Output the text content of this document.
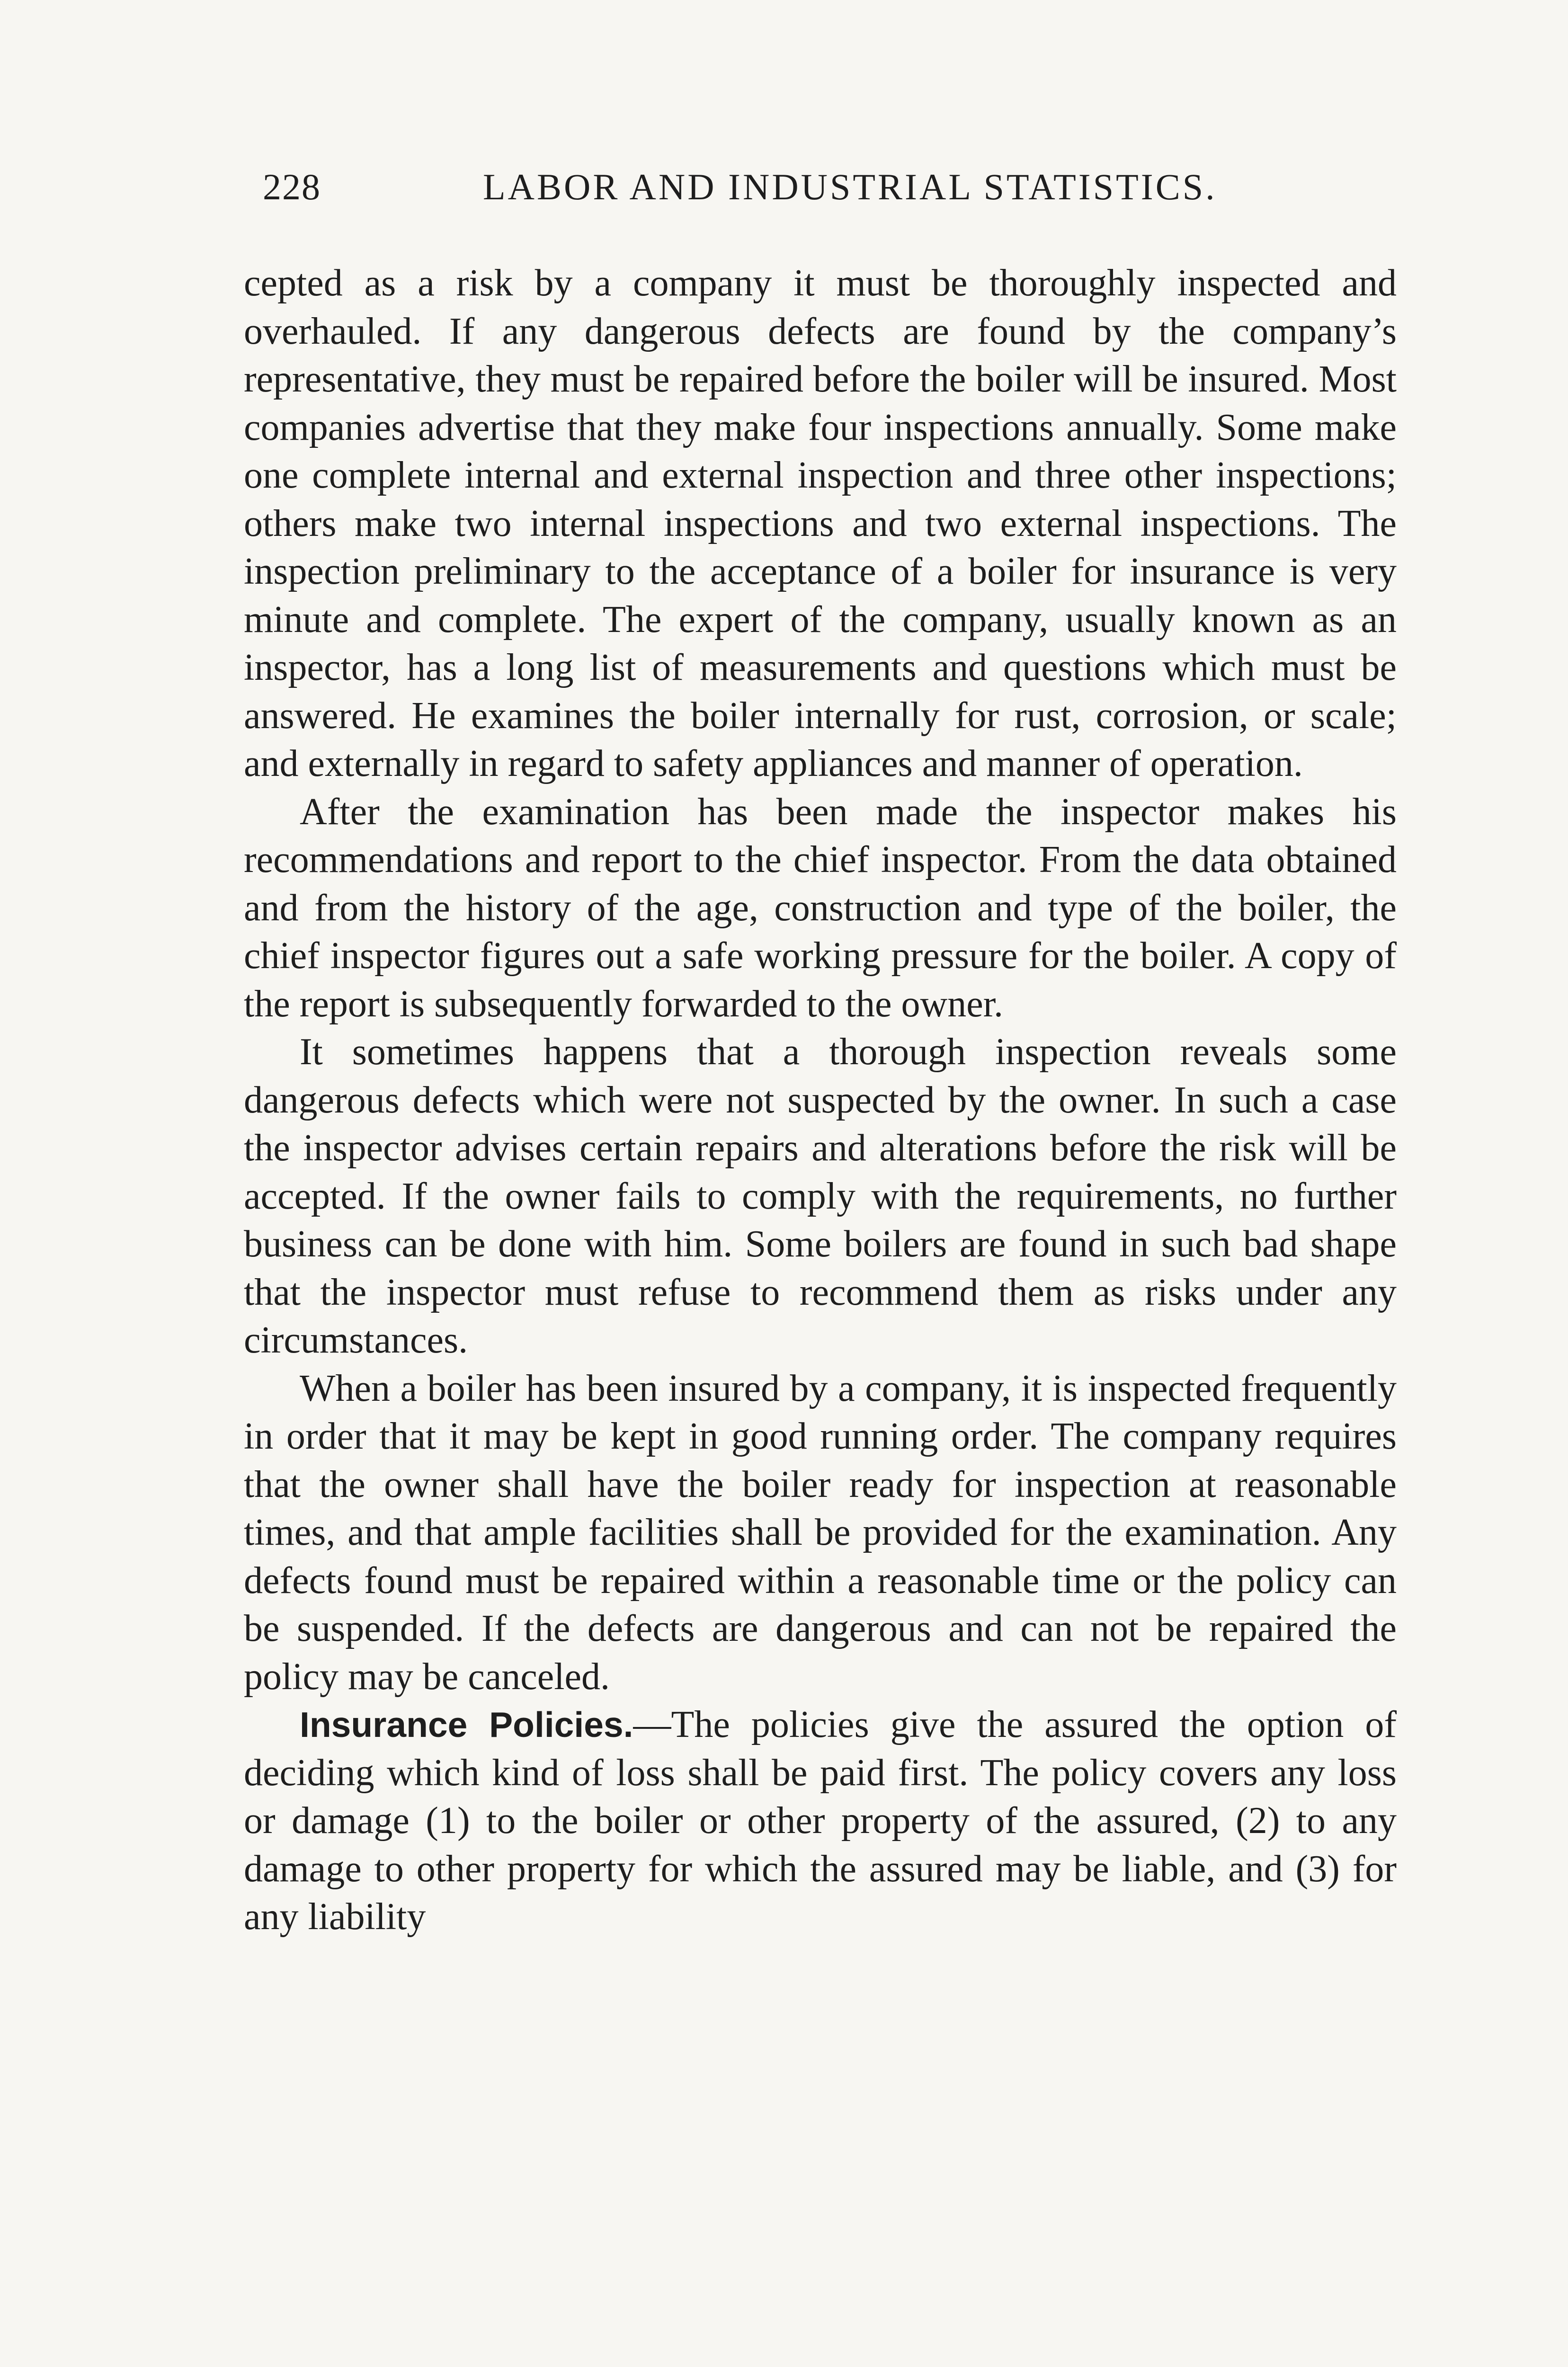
228	LABOR AND INDUSTRIAL STATISTICS.

cepted as a risk by a company it must be thoroughly inspected and overhauled. If any dangerous defects are found by the company’s representative, they must be repaired before the boiler will be insured. Most companies advertise that they make four inspections annually. Some make one complete internal and external inspection and three other inspections; others make two internal inspections and two external inspections. The inspection preliminary to the acceptance of a boiler for insurance is very minute and complete. The expert of the company, usually known as an inspector, has a long list of measurements and questions which must be answered. He examines the boiler internally for rust, corrosion, or scale; and externally in regard to safety appliances and manner of operation.

After the examination has been made the inspector makes his recommendations and report to the chief inspector. From the data obtained and from the history of the age, construction and type of the boiler, the chief inspector figures out a safe working pressure for the boiler. A copy of the report is subsequently forwarded to the owner.

It sometimes happens that a thorough inspection reveals some dangerous defects which were not suspected by the owner. In such a case the inspector advises certain repairs and alterations before the risk will be accepted. If the owner fails to comply with the requirements, no further business can be done with him. Some boilers are found in such bad shape that the inspector must refuse to recommend them as risks under any circumstances.

When a boiler has been insured by a company, it is inspected frequently in order that it may be kept in good running order. The company requires that the owner shall have the boiler ready for inspection at reasonable times, and that ample facilities shall be provided for the examination. Any defects found must be repaired within a reasonable time or the policy can be suspended. If the defects are dangerous and can not be repaired the policy may be canceled.

Insurance Policies.—The policies give the assured the option of deciding which kind of loss shall be paid first. The policy covers any loss or damage (1) to the boiler or other property of the assured, (2) to any damage to other property for which the assured may be liable, and (3) for any liability
